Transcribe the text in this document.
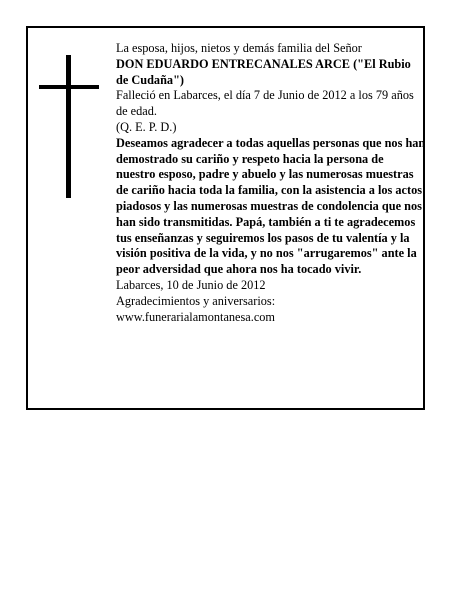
La esposa, hijos, nietos y demás familia del Señor

DON EDUARDO ENTRECANALES ARCE ("El Rubio de Cudaña")

Falleció en Labarces, el día 7 de Junio de 2012 a los 79 años de edad.

(Q. E. P. D.)

Deseamos agradecer a todas aquellas personas que nos han demostrado su cariño y respeto hacia la persona de nuestro esposo, padre y abuelo y las numerosas muestras de cariño hacia toda la familia, con la asistencia a los actos piadosos y las numerosas muestras de condolencia que nos han sido transmitidas. Papá, también a ti te agradecemos tus enseñanzas y seguiremos los pasos de tu valentía y la visión positiva de la vida, y no nos "arrugaremos" ante la peor adversidad que ahora nos ha tocado vivir.

Labarces, 10 de Junio de 2012

Agradecimientos y aniversarios:

www.funerarialamontanesa.com
